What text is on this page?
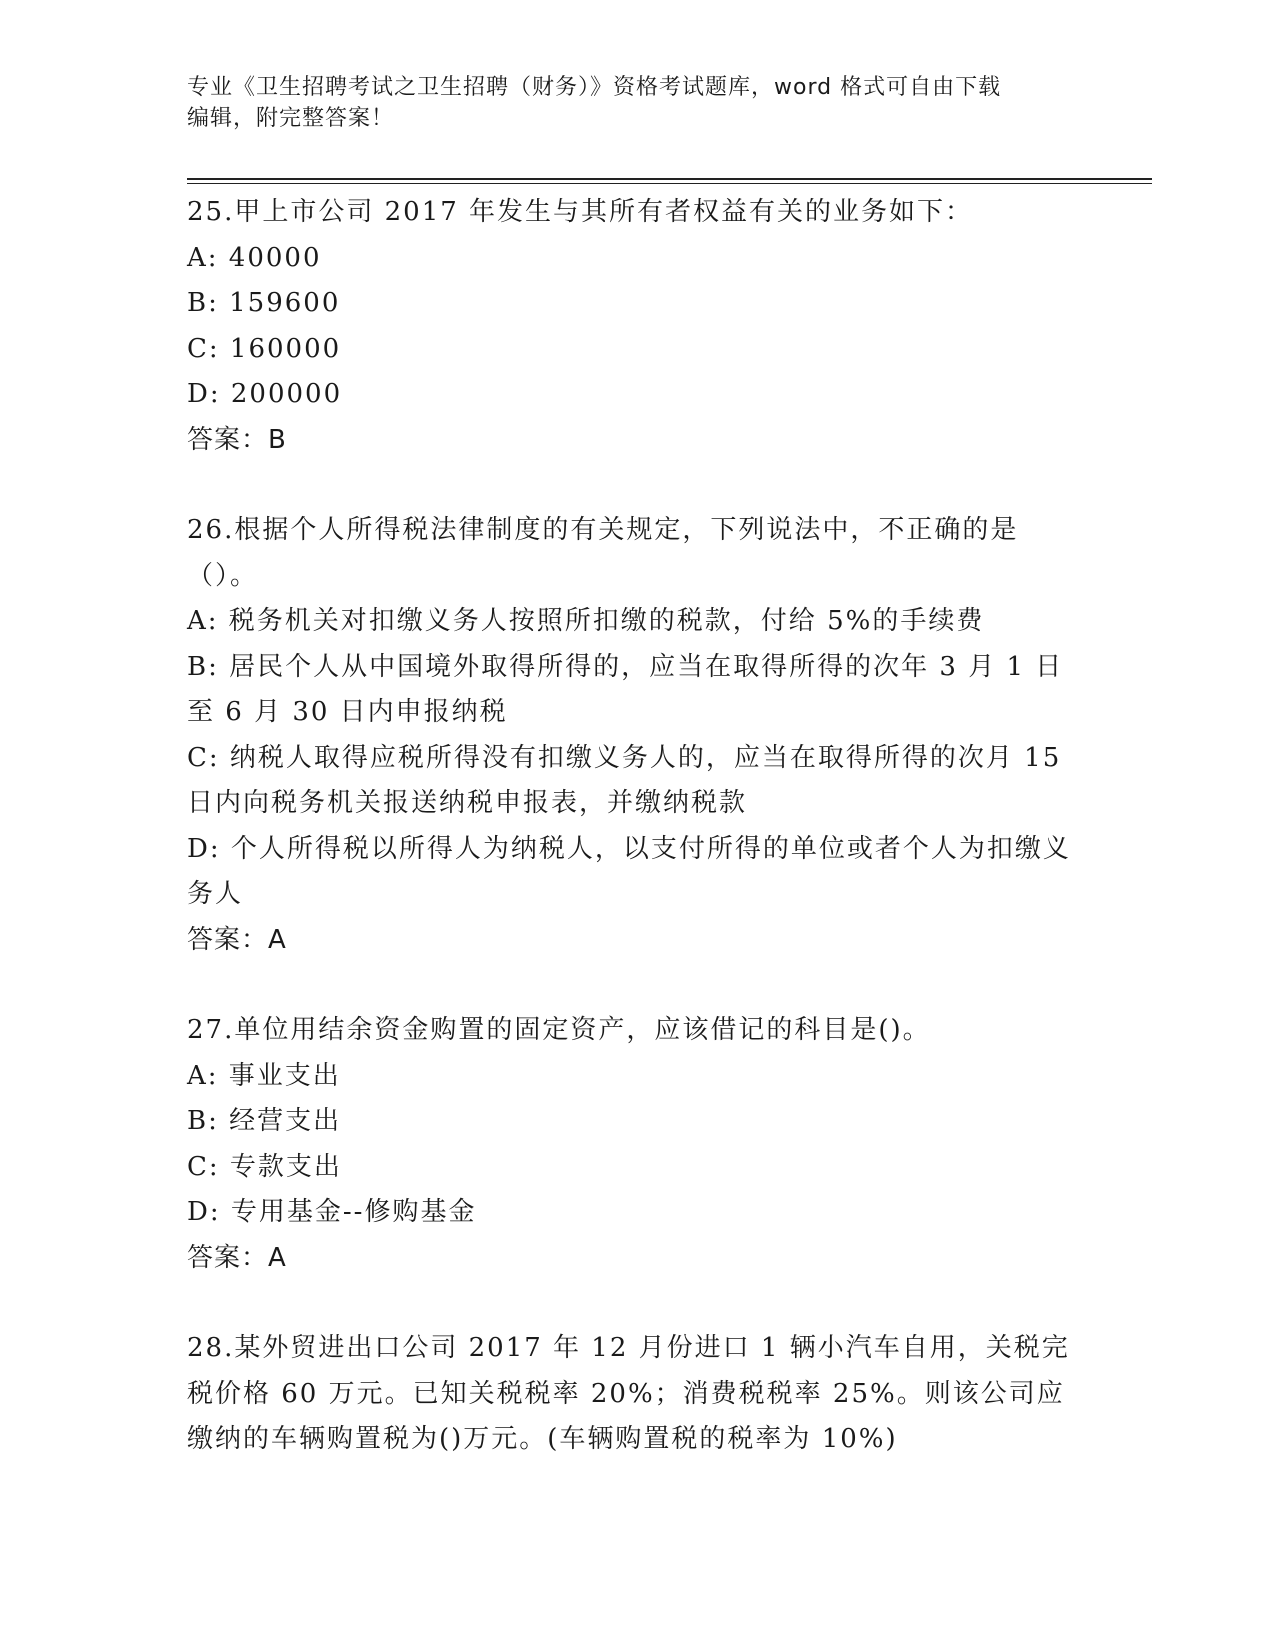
专业《卫生招聘考试之卫生招聘（财务）》资格考试题库，word 格式可自由下载
编辑，附完整答案！

25.甲上市公司 2017 年发生与其所有者权益有关的业务如下：

A: 40000

B: 159600

C: 160000

D: 200000

答案：B

26.根据个人所得税法律制度的有关规定，下列说法中，不正确的是（）。

A: 税务机关对扣缴义务人按照所扣缴的税款，付给 5%的手续费

B: 居民个人从中国境外取得所得的，应当在取得所得的次年 3 月 1 日至 6 月 30 日内申报纳税

C: 纳税人取得应税所得没有扣缴义务人的，应当在取得所得的次月 15 日内向税务机关报送纳税申报表，并缴纳税款

D: 个人所得税以所得人为纳税人，以支付所得的单位或者个人为扣缴义务人

答案：A

27.单位用结余资金购置的固定资产，应该借记的科目是()。

A: 事业支出

B: 经营支出

C: 专款支出

D: 专用基金--修购基金

答案：A

28.某外贸进出口公司 2017 年 12 月份进口 1 辆小汽车自用，关税完税价格 60 万元。已知关税税率 20%；消费税税率 25%。则该公司应缴纳的车辆购置税为()万元。(车辆购置税的税率为 10%)
